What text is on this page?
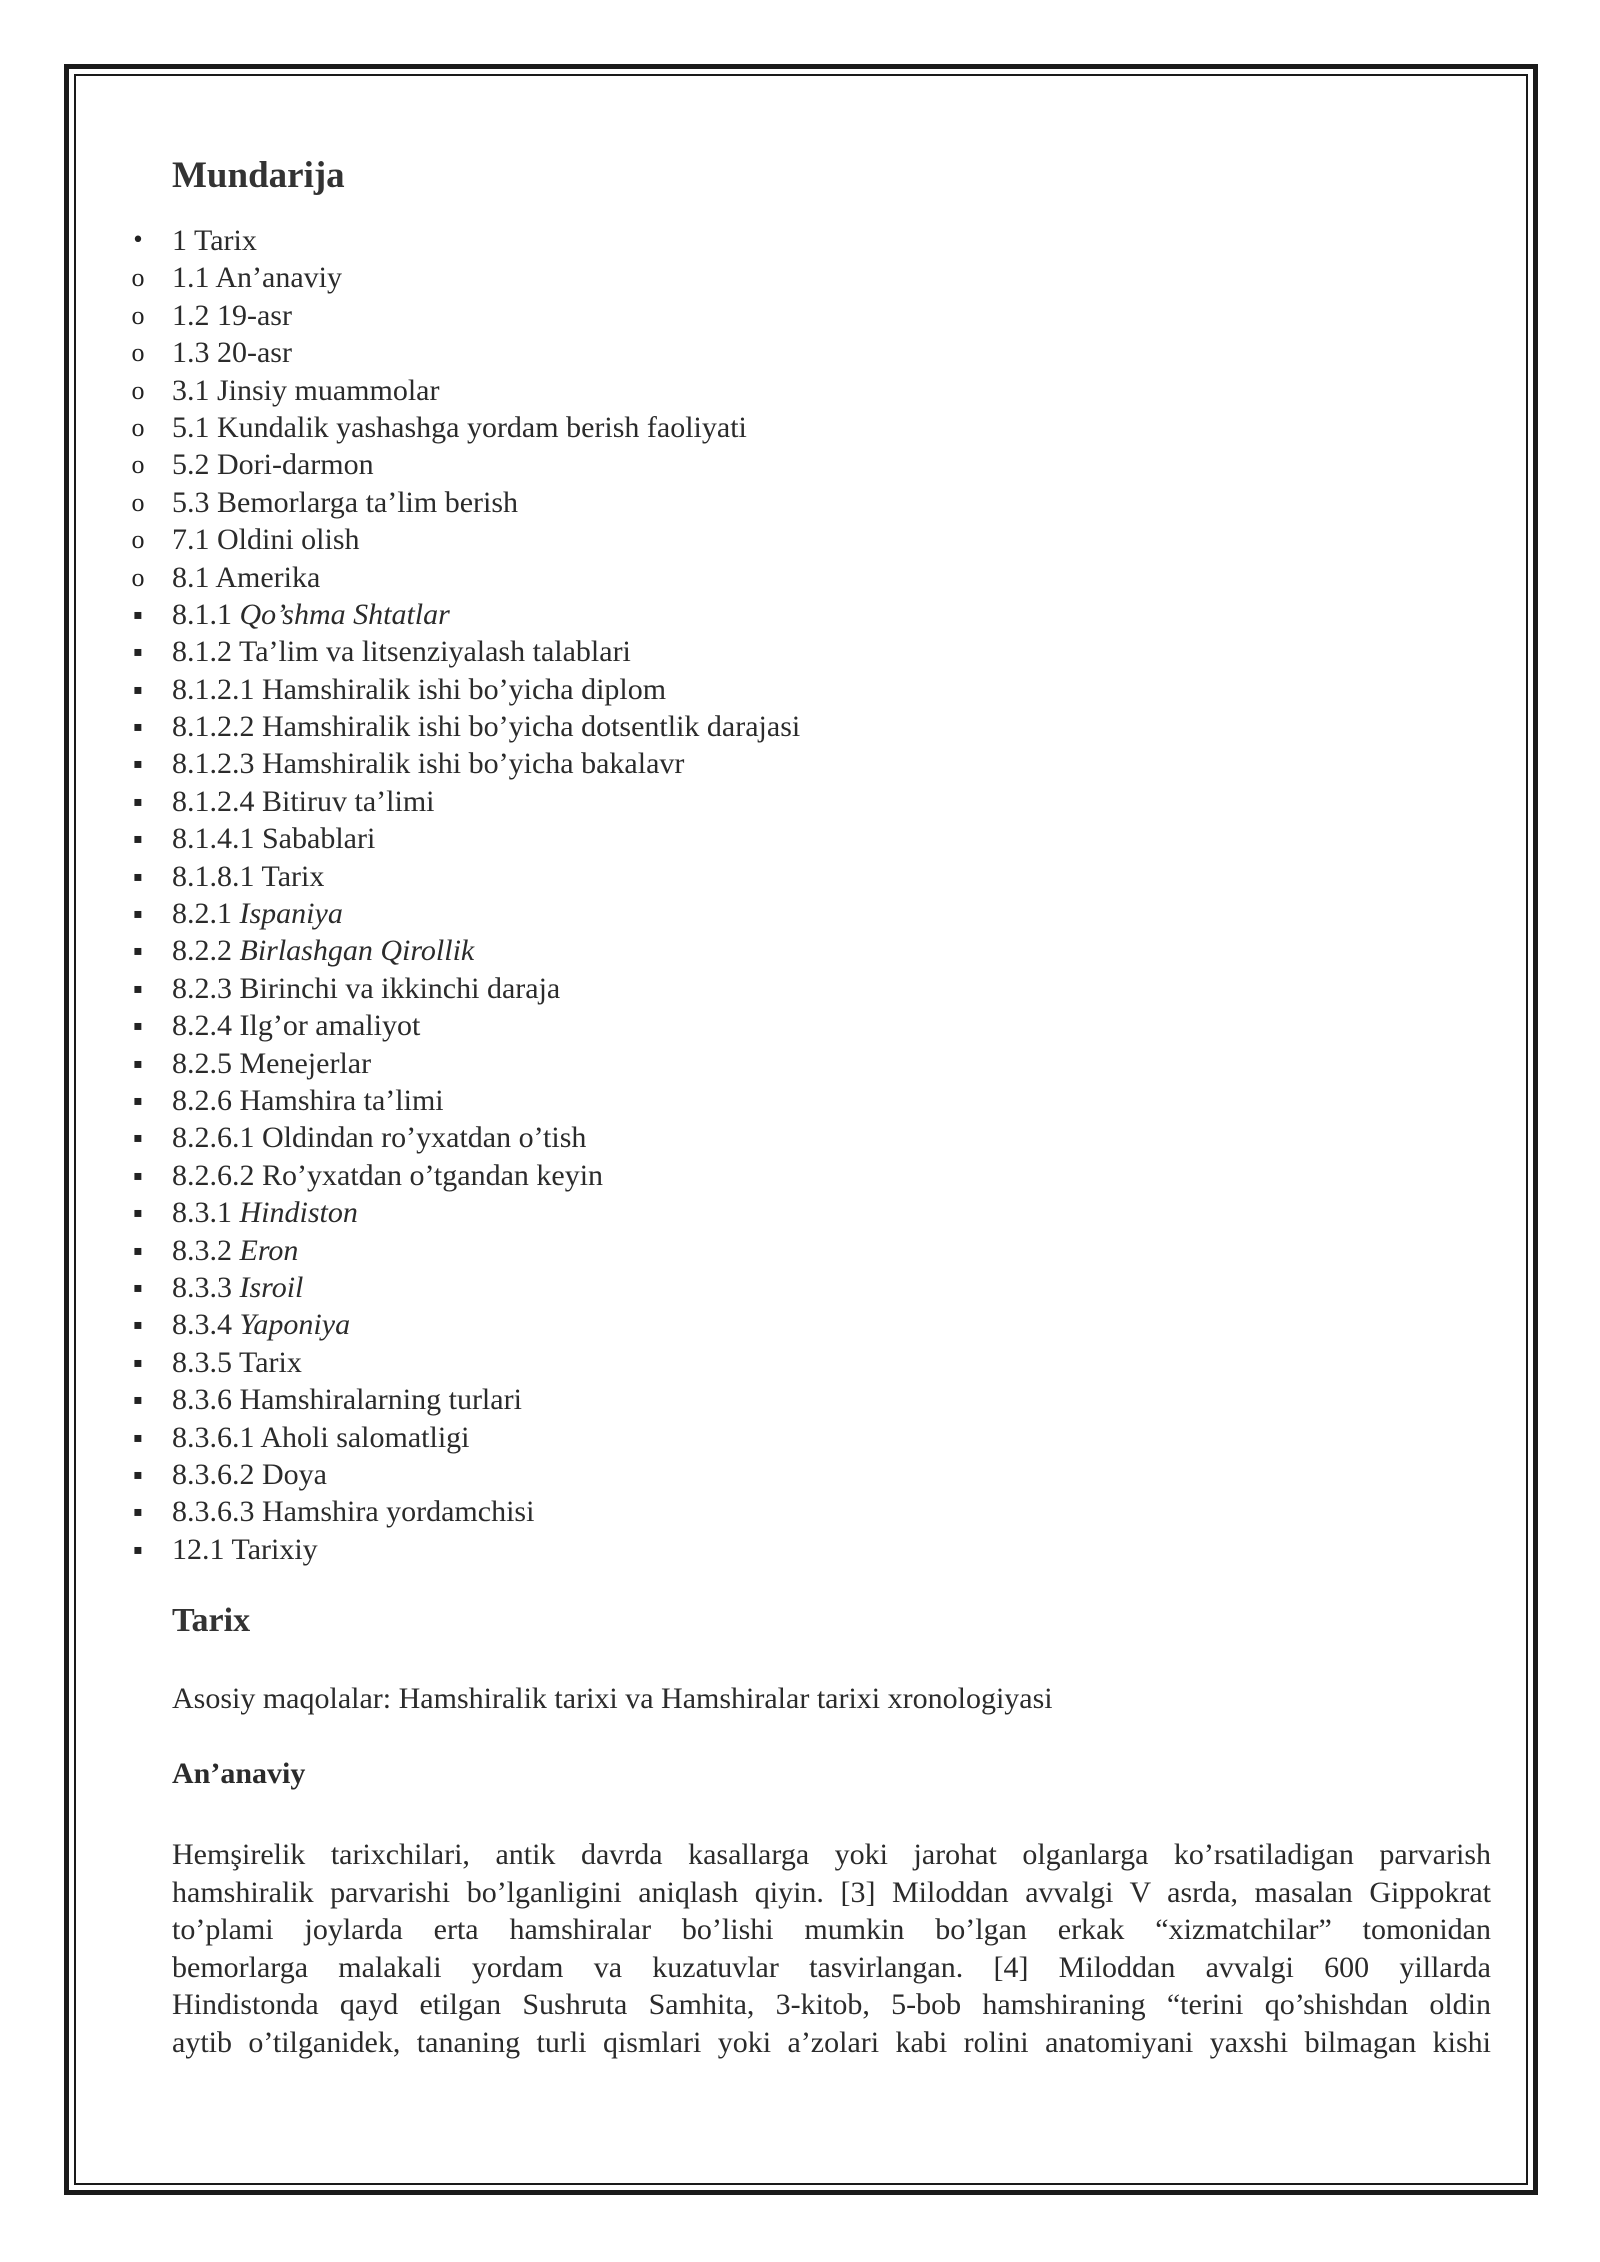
Mundarija
• 1 Tarix
o 1.1 An’anaviy
o 1.2 19-asr
o 1.3 20-asr
o 3.1 Jinsiy muammolar
o 5.1 Kundalik yashashga yordam berish faoliyati
o 5.2 Dori-darmon
o 5.3 Bemorlarga ta’lim berish
o 7.1 Oldini olish
o 8.1 Amerika
▪ 8.1.1 Qo’shma Shtatlar
▪ 8.1.2 Ta’lim va litsenziyalash talablari
▪ 8.1.2.1 Hamshiralik ishi bo’yicha diplom
▪ 8.1.2.2 Hamshiralik ishi bo’yicha dotsentlik darajasi
▪ 8.1.2.3 Hamshiralik ishi bo’yicha bakalavr
▪ 8.1.2.4 Bitiruv ta’limi
▪ 8.1.4.1 Sabablari
▪ 8.1.8.1 Tarix
▪ 8.2.1 Ispaniya
▪ 8.2.2 Birlashgan Qirollik
▪ 8.2.3 Birinchi va ikkinchi daraja
▪ 8.2.4 Ilg’or amaliyot
▪ 8.2.5 Menejerlar
▪ 8.2.6 Hamshira ta’limi
▪ 8.2.6.1 Oldindan ro’yxatdan o’tish
▪ 8.2.6.2 Ro’yxatdan o’tgandan keyin
▪ 8.3.1 Hindiston
▪ 8.3.2 Eron
▪ 8.3.3 Isroil
▪ 8.3.4 Yaponiya
▪ 8.3.5 Tarix
▪ 8.3.6 Hamshiralarning turlari
▪ 8.3.6.1 Aholi salomatligi
▪ 8.3.6.2 Doya
▪ 8.3.6.3 Hamshira yordamchisi
▪ 12.1 Tarixiy
Tarix

Asosiy maqolalar: Hamshiralik tarixi va Hamshiralar tarixi xronologiyasi

An’anaviy
Hemşirelik tarixchilari, antik davrda kasallarga yoki jarohat olganlarga ko’rsatiladigan parvarish
hamshiralik parvarishi bo’lganligini aniqlash qiyin. [3] Miloddan avvalgi V asrda, masalan Gippokrat
to’plami joylarda erta hamshiralar bo’lishi mumkin bo’lgan erkak “xizmatchilar” tomonidan
bemorlarga malakali yordam va kuzatuvlar tasvirlangan. [4] Miloddan avvalgi 600 yillarda
Hindistonda qayd etilgan Sushruta Samhita, 3-kitob, 5-bob hamshiraning “terini qo’shishdan oldin
aytib o’tilganidek, tananing turli qismlari yoki a’zolari kabi rolini anatomiyani yaxshi bilmagan kishi
